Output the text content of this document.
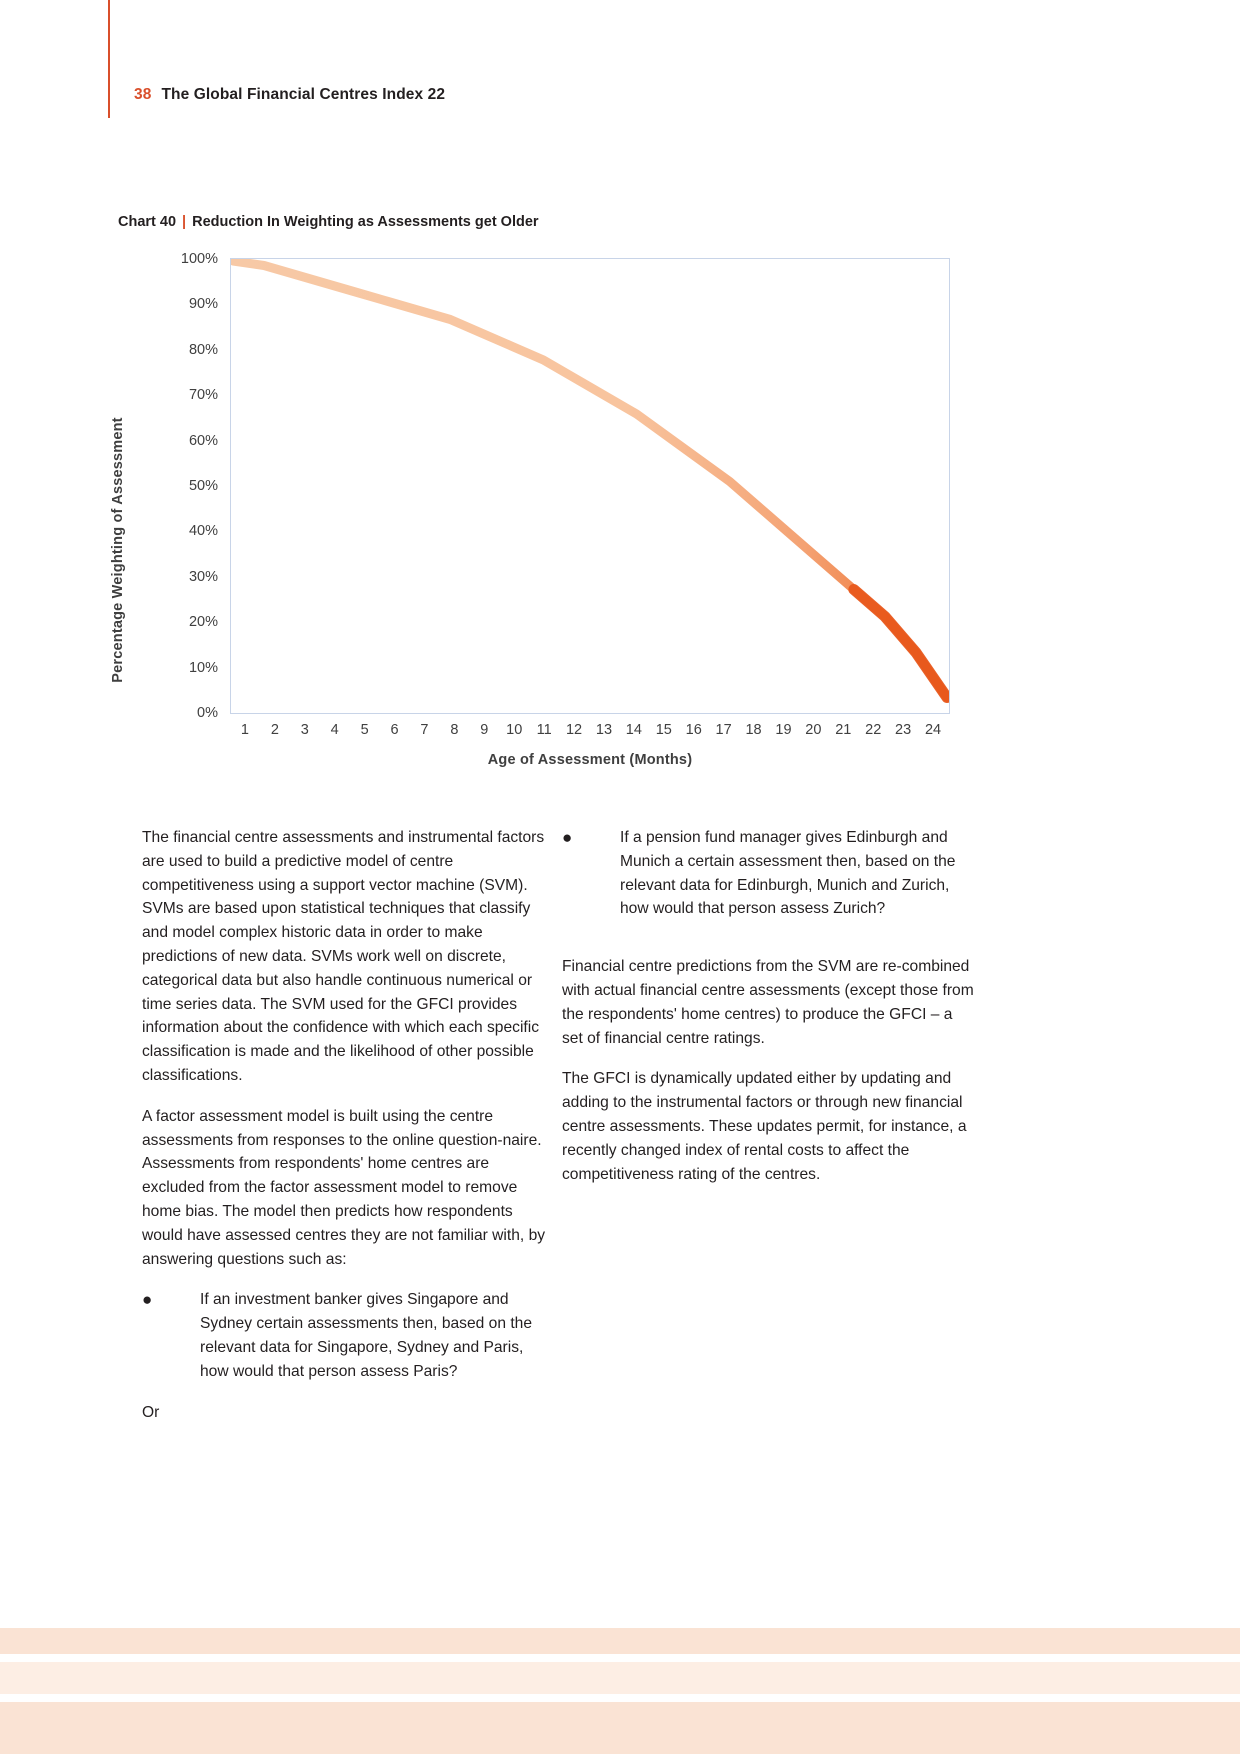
38 The Global Financial Centres Index 22
Chart 40 | Reduction In Weighting as Assessments get Older
Percentage Weighting of Assessment
0%
10%
20%
30%
40%
50%
60%
70%
80%
90%
100%
1 2 3 4 5 6 7 8 9 10 11 12 13 14 15 16 17 18 19 20 21 22 23 24
Age of Assessment (Months)

The financial centre assessments and instrumental factors are used to build a predictive model of centre competitiveness using a support vector machine (SVM). SVMs are based upon statistical techniques that classify and model complex historic data in order to make predictions of new data. SVMs work well on discrete, categorical data but also handle continuous numerical or time series data. The SVM used for the GFCI provides information about the confidence with which each specific classification is made and the likelihood of other possible classifications.

A factor assessment model is built using the centre assessments from responses to the online question-naire. Assessments from respondents' home centres are excluded from the factor assessment model to remove home bias. The model then predicts how respondents would have assessed centres they are not familiar with, by answering questions such as:

●	If an investment banker gives Singapore and Sydney certain assessments then, based on the relevant data for Singapore, Sydney and Paris, how would that person assess Paris?

Or

●	If a pension fund manager gives Edinburgh and Munich a certain assessment then, based on the relevant data for Edinburgh, Munich and Zurich, how would that person assess Zurich?

Financial centre predictions from the SVM are re-combined with actual financial centre assessments (except those from the respondents' home centres) to produce the GFCI – a set of financial centre ratings.

The GFCI is dynamically updated either by updating and adding to the instrumental factors or through new financial centre assessments. These updates permit, for instance, a recently changed index of rental costs to affect the competitiveness rating of the centres.
